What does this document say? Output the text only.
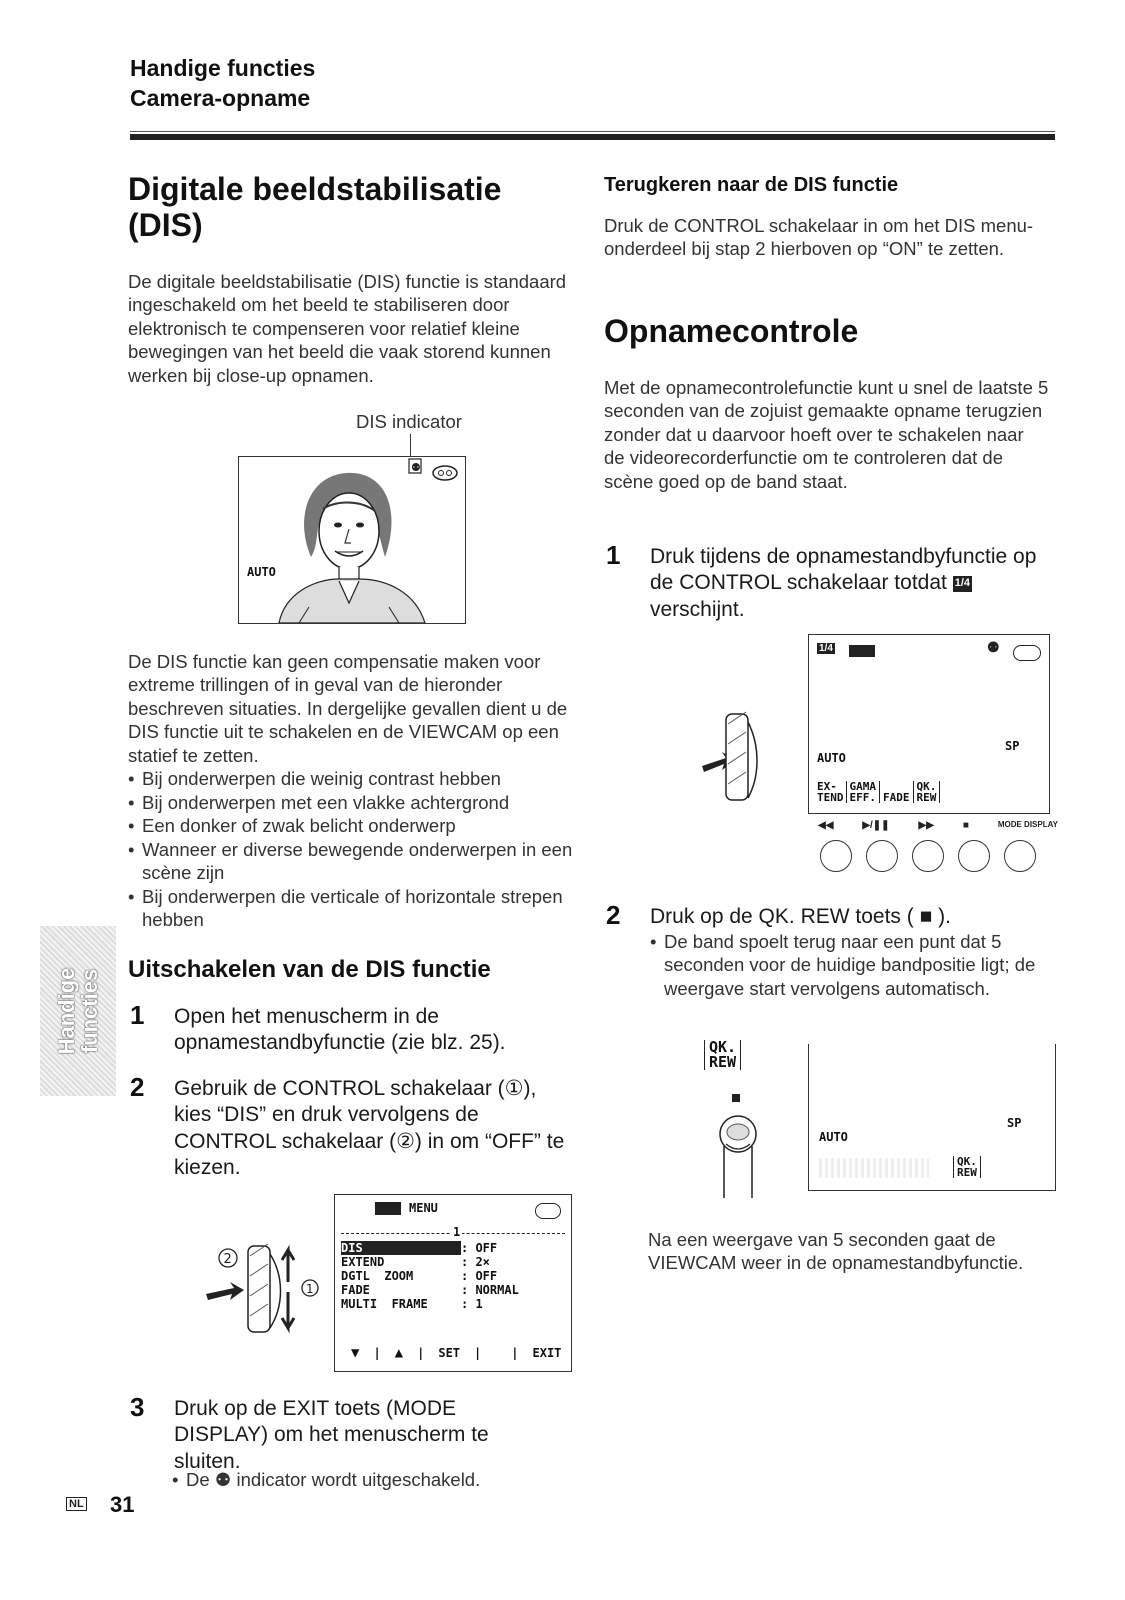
Handige functies
Camera-opname
Digitale beeldstabilisatie (DIS)

De digitale beeldstabilisatie (DIS) functie is standaard ingeschakeld om het beeld te stabiliseren door elektronisch te compenseren voor relatief kleine bewegingen van het beeld die vaak storend kunnen werken bij close-up opnamen.

DIS indicator
⚉
AUTO

De DIS functie kan geen compensatie maken voor extreme trillingen of in geval van de hieronder beschreven situaties. In dergelijke gevallen dient u de DIS functie uit te schakelen en de VIEWCAM op een statief te zetten.

• Bij onderwerpen die weinig contrast hebben
• Bij onderwerpen met een vlakke achtergrond
• Een donker of zwak belicht onderwerp
• Wanneer er diverse bewegende onderwerpen in een scène zijn
• Bij onderwerpen die verticale of horizontale strepen hebben
Handige
functies Uitschakelen van de DIS functie
1 Open het menuscherm in de opnamestandbyfunctie (zie blz. 25).
2 Gebruik de CONTROL schakelaar (①), kies “DIS” en druk vervolgens de CONTROL schakelaar (②) in om “OFF” te kiezen.
2
1
MENU
1
DIS	: OFF
EXTEND	: 2×
DGTL  ZOOM	: OFF
FADE	: NORMAL
MULTI  FRAME	: 1
▼ | ▲ | SET |	| EXIT
3 Druk op de EXIT toets (MODE DISPLAY) om het menuscherm te sluiten.
• De ⚉ indicator wordt uitgeschakeld.
NL 31
Terugkeren naar de DIS functie

Druk de CONTROL schakelaar in om het DIS menu-onderdeel bij stap 2 hierboven op “ON” te zetten.

Opnamecontrole

Met de opnamecontrolefunctie kunt u snel de laatste 5 seconden van de zojuist gemaakte opname terugzien zonder dat u daarvoor hoeft over te schakelen naar de videorecorderfunctie om te controleren dat de scène goed op de band staat.

1 Druk tijdens de opnamestandbyfunctie op de CONTROL schakelaar totdat 1/4 verschijnt.
1/4	⚉
AUTO
SP
EX-
TEND
GAMA
EFF. FADE
QK.
REW
◀◀	▶/❚❚	▶▶	■	MODE DISPLAY
2 Druk op de QK. REW toets ( ■ ).
• De band spoelt terug naar een punt dat 5 seconden voor de huidige bandpositie ligt; de weergave start vervolgens automatisch.
QK.
REW
AUTO
SP
QK.
REW

Na een weergave van 5 seconden gaat de VIEWCAM weer in de opnamestandbyfunctie.
